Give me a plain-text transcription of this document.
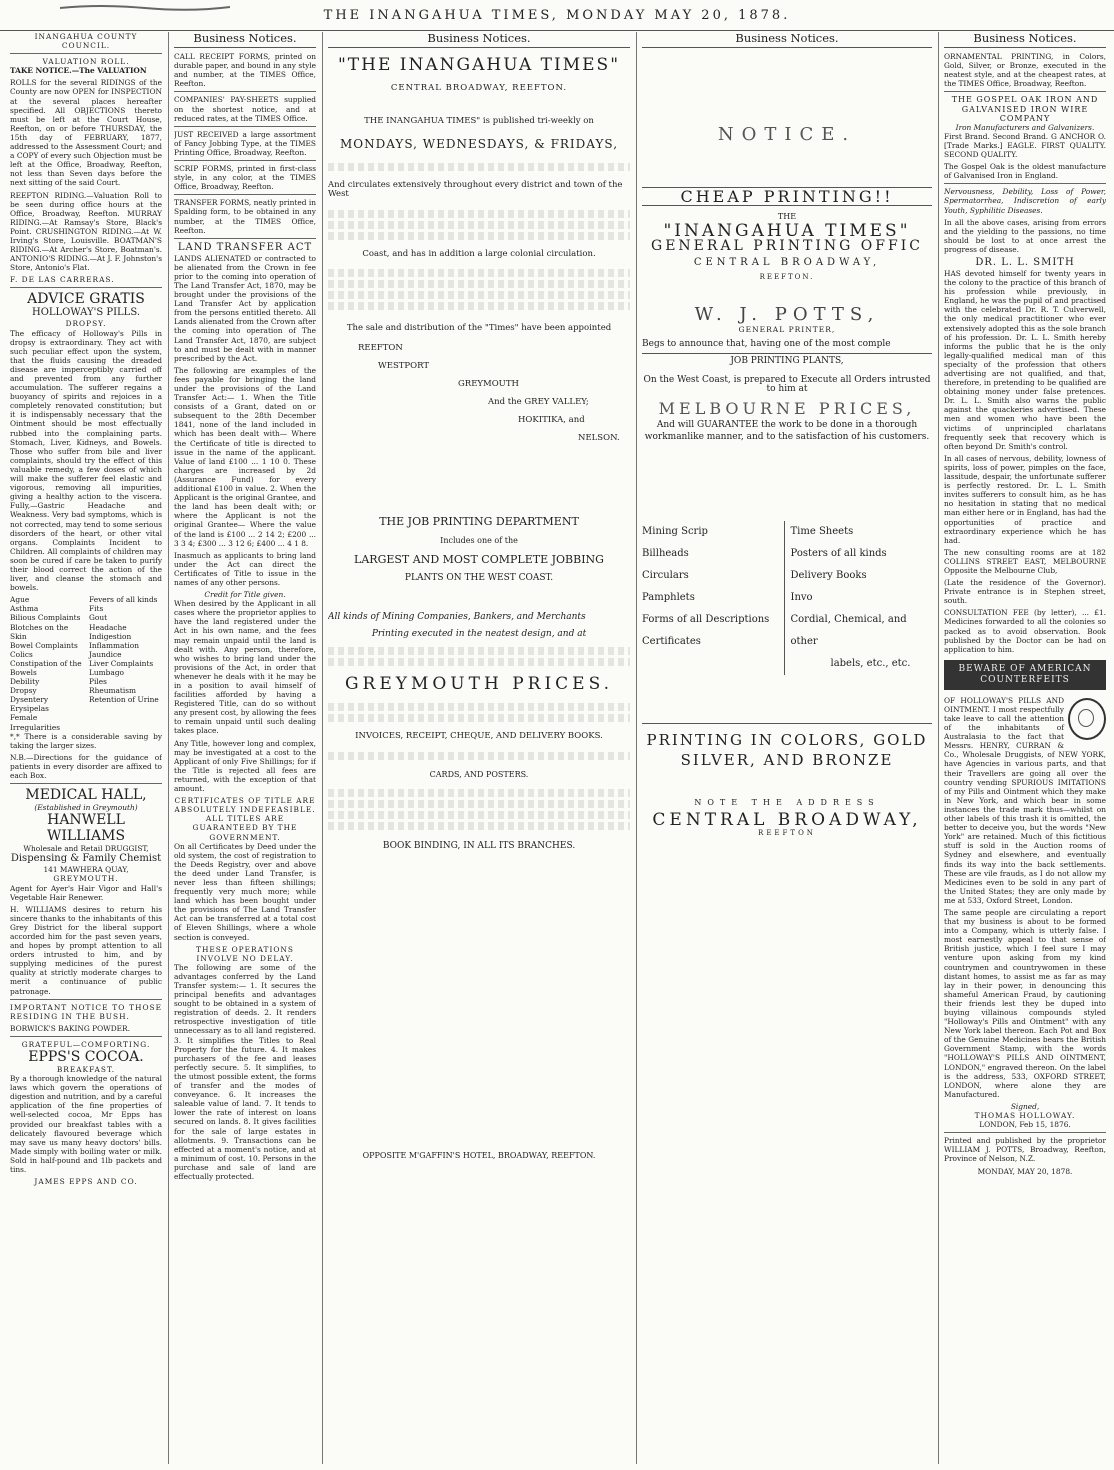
THE INANGAHUA TIMES, MONDAY MAY 20, 1878.
INANGAHUA COUNTY COUNCIL.
VALUATION ROLL.

TAKE NOTICE.—The VALUATION

ROLLS for the several RIDINGS of the County are now OPEN for INSPECTION at the several places hereafter specified. All OBJECTIONS thereto must be left at the Court House, Reefton, on or before THURSDAY, the 15th day of FEBRUARY, 1877, addressed to the Assessment Court; and a COPY of every such Objection must be left at the Office, Broadway, Reefton, not less than Seven days before the next sitting of the said Court.

REEFTON RIDING.—Valuation Roll to be seen during office hours at the Office, Broadway, Reefton. MURRAY RIDING.—At Ramsay's Store, Black's Point. CRUSHINGTON RIDING.—At W. Irving's Store, Louisville. BOATMAN'S RIDING.—At Archer's Store, Boatman's. ANTONIO'S RIDING.—At J. F. Johnston's Store, Antonio's Flat.

F. DE LAS CARRERAS.

ADVICE GRATIS
HOLLOWAY'S PILLS.
DROPSY.

The efficacy of Holloway's Pills in dropsy is extraordinary. They act with such peculiar effect upon the system, that the fluids causing the dreaded disease are imperceptibly carried off and prevented from any further accumulation. The sufferer regains a buoyancy of spirits and rejoices in a completely renovated constitution; but it is indispensably necessary that the Ointment should be most effectually rubbed into the complaining parts. Stomach, Liver, Kidneys, and Bowels. Those who suffer from bile and liver complaints, should try the effect of this valuable remedy, a few doses of which will make the sufferer feel elastic and vigorous, removing all impurities, giving a healthy action to the viscera. Fully,—Gastric Headache and Weakness. Very bad symptoms, which is not corrected, may tend to some serious disorders of the heart, or other vital organs. Complaints Incident to Children. All complaints of children may soon be cured if care be taken to purify their blood correct the action of the liver, and cleanse the stomach and bowels.

Ague
Asthma
Bilious Complaints
Blotches on the Skin
Bowel Complaints
Colics
Constipation of the Bowels
Debility
Dropsy
Dysentery
Erysipelas
Female Irregularities
Fevers of all kinds
Fits
Gout
Headache
Indigestion
Inflammation
Jaundice
Liver Complaints
Lumbago
Piles
Rheumatism
Retention of Urine

*,* There is a considerable saving by taking the larger sizes.

N.B.—Directions for the guidance of patients in every disorder are affixed to each Box.

MEDICAL HALL,
(Established in Greymouth)
HANWELL WILLIAMS
Wholesale and Retail DRUGGIST,
Dispensing & Family Chemist
141 MAWHERA QUAY,
GREYMOUTH.

Agent for Ayer's Hair Vigor and Hall's Vegetable Hair Renewer.

H. WILLIAMS desires to return his sincere thanks to the inhabitants of this Grey District for the liberal support accorded him for the past seven years, and hopes by prompt attention to all orders intrusted to him, and by supplying medicines of the purest quality at strictly moderate charges to merit a continuance of public patronage.

IMPORTANT NOTICE TO THOSE RESIDING IN THE BUSH.

BORWICK'S BAKING POWDER.

GRATEFUL—COMFORTING.
EPPS'S COCOA.
BREAKFAST.

By a thorough knowledge of the natural laws which govern the operations of digestion and nutrition, and by a careful application of the fine properties of well-selected cocoa, Mr Epps has provided our breakfast tables with a delicately flavoured beverage which may save us many heavy doctors' bills. Made simply with boiling water or milk. Sold in half-pound and 1lb packets and tins.

JAMES EPPS AND CO.
Business Notices.

CALL RECEIPT FORMS, printed on durable paper, and bound in any style and number, at the TIMES Office, Reefton.

COMPANIES' PAY-SHEETS supplied on the shortest notice, and at reduced rates, at the TIMES Office.

JUST RECEIVED a large assortment of Fancy Jobbing Type, at the TIMES Printing Office, Broadway, Reefton.

SCRIP FORMS, printed in first-class style, in any color, at the TIMES Office, Broadway, Reefton.

TRANSFER FORMS, neatly printed in Spalding form, to be obtained in any number, at the TIMES Office, Reefton.

LAND TRANSFER ACT

LANDS ALIENATED or contracted to be alienated from the Crown in fee prior to the coming into operation of The Land Transfer Act, 1870, may be brought under the provisions of the Land Transfer Act by application from the persons entitled thereto. All Lands alienated from the Crown after the coming into operation of The Land Transfer Act, 1870, are subject to and must be dealt with in manner prescribed by the Act.

The following are examples of the fees payable for bringing the land under the provisions of the Land Transfer Act:— 1. When the Title consists of a Grant, dated on or subsequent to the 28th December 1841, none of the land included in which has been dealt with— Where the Certificate of title is directed to issue in the name of the applicant. Value of land £100 ... 1 10 0. These charges are increased by 2d (Assurance Fund) for every additional £100 in value. 2. When the Applicant is the original Grantee, and the land has been dealt with; or where the Applicant is not the original Grantee— Where the value of the land is £100 ... 2 14 2; £200 ... 3 3 4; £300 ... 3 12 6; £400 ... 4 1 8.

Inasmuch as applicants to bring land under the Act can direct the Certificates of Title to issue in the names of any other persons.

Credit for Title given.

When desired by the Applicant in all cases where the proprietor applies to have the land registered under the Act in his own name, and the fees may remain unpaid until the land is dealt with. Any person, therefore, who wishes to bring land under the provisions of the Act, in order that whenever he deals with it he may be in a position to avail himself of facilities afforded by having a Registered Title, can do so without any present cost, by allowing the fees to remain unpaid until such dealing takes place.

Any Title, however long and complex, may be investigated at a cost to the Applicant of only Five Shillings; for if the Title is rejected all fees are returned, with the exception of that amount.

CERTIFICATES OF TITLE ARE ABSOLUTELY INDEFEASIBLE.
ALL TITLES ARE GUARANTEED BY THE GOVERNMENT.

On all Certificates by Deed under the old system, the cost of registration to the Deeds Registry, over and above the deed under Land Transfer, is never less than fifteen shillings; frequently very much more; while land which has been bought under the provisions of The Land Transfer Act can be transferred at a total cost of Eleven Shillings, where a whole section is conveyed.

THESE OPERATIONS INVOLVE NO DELAY.

The following are some of the advantages conferred by the Land Transfer system:— 1. It secures the principal benefits and advantages sought to be obtained in a system of registration of deeds. 2. It renders retrospective investigation of title unnecessary as to all land registered. 3. It simplifies the Titles to Real Property for the future. 4. It makes purchasers of the fee and leases perfectly secure. 5. It simplifies, to the utmost possible extent, the forms of transfer and the modes of conveyance. 6. It increases the saleable value of land. 7. It tends to lower the rate of interest on loans secured on lands. 8. It gives facilities for the sale of large estates in allotments. 9. Transactions can be effected at a moment's notice, and at a minimum of cost. 10. Persons in the purchase and sale of land are effectually protected.

Business Notices.
"THE INANGAHUA TIMES"
CENTRAL BROADWAY, REEFTON.
THE INANGAHUA TIMES" is published tri-weekly on
MONDAYS, WEDNESDAYS, & FRIDAYS,
And circulates extensively throughout every district and town of the West
Coast, and has in addition a large colonial circulation.
The sale and distribution of the "Times" have been appointed
REEFTON
WESTPORT
GREYMOUTH
And the GREY VALLEY;
HOKITIKA, and
NELSON.
THE JOB PRINTING DEPARTMENT
Includes one of the
LARGEST AND MOST COMPLETE JOBBING
PLANTS ON THE WEST COAST.
All kinds of Mining Companies, Bankers, and Merchants
Printing executed in the neatest design, and at
GREYMOUTH PRICES.
INVOICES, RECEIPT, CHEQUE, AND DELIVERY BOOKS.
CARDS, AND POSTERS.
BOOK BINDING, IN ALL ITS BRANCHES.
OPPOSITE M'GAFFIN'S HOTEL, BROADWAY, REEFTON.
Business Notices.
NOTICE.
CHEAP PRINTING!!
THE
"INANGAHUA TIMES"
GENERAL PRINTING OFFIC
CENTRAL BROADWAY,
REEFTON.
W. J. POTTS,
GENERAL PRINTER,
Begs to announce that, having one of the most comple
JOB PRINTING PLANTS,
On the West Coast, is prepared to Execute all Orders intrusted to him at
MELBOURNE PRICES,
And will GUARANTEE the work to be done in a thorough workmanlike manner, and to the satisfaction of his customers.
Mining Scrip
Billheads
Circulars
Pamphlets
Forms of all Descriptions
Certificates
Time Sheets
Posters of all kinds
Delivery Books
Invo
Cordial, Chemical, and other
labels, etc., etc.
PRINTING IN COLORS, GOLD SILVER, AND BRONZE
NOTE THE ADDRESS
CENTRAL BROADWAY,
REEFTON
Business Notices.

ORNAMENTAL PRINTING, in Colors, Gold, Silver, or Bronze, executed in the neatest style, and at the cheapest rates, at the TIMES Office, Broadway, Reefton.

THE GOSPEL OAK IRON AND GALVANISED IRON WIRE COMPANY
Iron Manufacturers and Galvanizers.

First Brand. Second Brand. G ANCHOR O. [Trade Marks.] EAGLE. FIRST QUALITY. SECOND QUALITY.

The Gospel Oak is the oldest manufacture of Galvanised Iron in England.

Nervousness, Debility, Loss of Power, Spermatorrhea, Indiscretion of early Youth, Syphilitic Diseases.

In all the above cases, arising from errors and the yielding to the passions, no time should be lost to at once arrest the progress of disease.

DR. L. L. SMITH

HAS devoted himself for twenty years in the colony to the practice of this branch of his profession while previously, in England, he was the pupil of and practised with the celebrated Dr. R. T. Culverwell, the only medical practitioner who ever extensively adopted this as the sole branch of his profession. Dr. L. L. Smith hereby informs the public that he is the only legally-qualified medical man of this specialty of the profession that others advertising are not qualified, and that, therefore, in pretending to be qualified are obtaining money under false pretences. Dr. L. L. Smith also warns the public against the quackeries advertised. These men and women who have been the victims of unprincipled charlatans frequently seek that recovery which is often beyond Dr. Smith's control.

In all cases of nervous, debility, lowness of spirits, loss of power, pimples on the face, lassitude, despair, the unfortunate sufferer is perfectly restored. Dr. L. L. Smith invites sufferers to consult him, as he has no hesitation in stating that no medical man either here or in England, has had the opportunities of practice and extraordinary experience which he has had.

The new consulting rooms are at 182 COLLINS STREET EAST, MELBOURNE Opposite the Melbourne Club,

(Late the residence of the Governor). Private entrance is in Stephen street, south.

CONSULTATION FEE (by letter), ... £1. Medicines forwarded to all the colonies so packed as to avoid observation. Book published by the Doctor can be had on application to him.

BEWARE OF AMERICAN COUNTERFEITS

OF HOLLOWAY'S PILLS AND OINTMENT. I most respectfully take leave to call the attention of the inhabitants of Australasia to the fact that Messrs. HENRY, CURRAN & Co., Wholesale Druggists, of NEW YORK, have Agencies in various parts, and that their Travellers are going all over the country vending SPURIOUS IMITATIONS of my Pills and Ointment which they make in New York, and which bear in some instances the trade mark thus—whilst on other labels of this trash it is omitted, the better to deceive you, but the words "New York" are retained. Much of this fictitious stuff is sold in the Auction rooms of Sydney and elsewhere, and eventually finds its way into the back settlements. These are vile frauds, as I do not allow my Medicines even to be sold in any part of the United States; they are only made by me at 533, Oxford Street, London.

The same people are circulating a report that my business is about to be formed into a Company, which is utterly false. I most earnestly appeal to that sense of British justice, which I feel sure I may venture upon asking from my kind countrymen and countrywomen in these distant homes, to assist me as far as may lay in their power, in denouncing this shameful American Fraud, by cautioning their friends lest they be duped into buying villainous compounds styled "Holloway's Pills and Ointment" with any New York label thereon. Each Pot and Box of the Genuine Medicines bears the British Government Stamp, with the words "HOLLOWAY'S PILLS AND OINTMENT, LONDON," engraved thereon. On the label is the address, 533, OXFORD STREET, LONDON, where alone they are Manufactured.

Signed,
THOMAS HOLLOWAY.
LONDON, Feb 15, 1876.

Printed and published by the proprietor WILLIAM J. POTTS, Broadway, Reefton, Province of Nelson, N.Z.

MONDAY, MAY 20, 1878.
